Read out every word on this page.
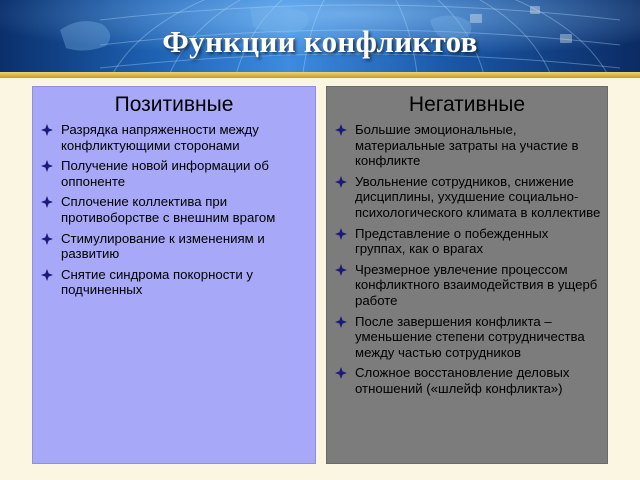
Функции конфликтов
Позитивные
Разрядка напряженности между конфликтующими сторонами
Получение новой информации об оппоненте
Сплочение коллектива при противоборстве с внешним врагом
Стимулирование к изменениям и развитию
Снятие синдрома покорности у подчиненных
Негативные
Большие эмоциональные, материальные затраты на участие в конфликте
Увольнение сотрудников, снижение дисциплины, ухудшение социально-психологического климата в коллективе
Представление о побежденных группах, как о врагах
Чрезмерное увлечение процессом конфликтного взаимодействия в ущерб работе
После завершения конфликта – уменьшение степени сотрудничества между частью сотрудников
Сложное восстановление деловых отношений («шлейф конфликта»)
